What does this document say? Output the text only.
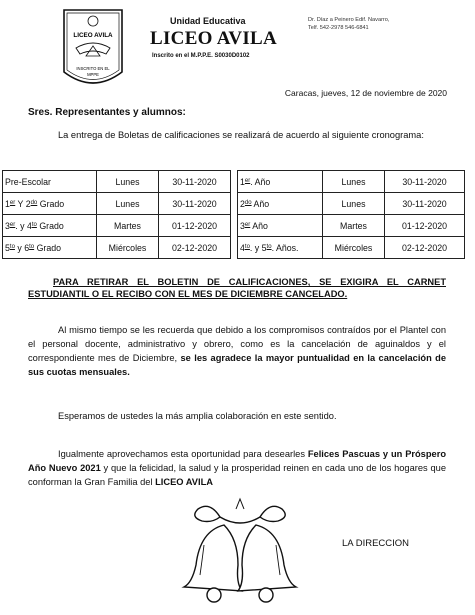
LICEO AVILA
INSCRITO EN EL
MPPE
Unidad Educativa
LICEO AVILA
Inscrito en el M.P.P.E. S0030D0102
Dr. Díaz a Peinero Edif. Navarro,
Telf. 542-2978 546-6841
Caracas, jueves, 12 de noviembre de 2020
Sres. Representantes y alumnos:
La entrega de Boletas de calificaciones se realizará de acuerdo al siguiente cronograma:
Pre-Escolar	Lunes	30-11-2020
1er Y $2^{do}$ Grado	Lunes	30-11-2020
3er. y $4^{to}$ Grado	Martes	01-12-2020
$5^{to}$ y $6^{to}$ Grado	Miércoles	02-12-2020
1er. Año	Lunes	30-11-2020
$2^{do}$ Año	Lunes	30-11-2020
3er Año	Martes	01-12-2020
$4^{to}$. y $5^{to}$. Años.	Miércoles	02-12-2020
PARA RETIRAR EL BOLETIN DE CALIFICACIONES, SE EXIGIRA EL CARNET ESTUDIANTIL O EL RECIBO CON EL MES DE DICIEMBRE CANCELADO.
Al mismo tiempo se les recuerda que debido a los compromisos contraídos por el Plantel con el personal docente, administrativo y obrero, como es la cancelación de aguinaldos y el correspondiente mes de Diciembre, se les agradece la mayor puntualidad en la cancelación de sus cuotas mensuales.
Esperamos de ustedes la más amplia colaboración en este sentido.
Igualmente aprovechamos esta oportunidad para desearles Felices Pascuas y un Próspero Año Nuevo 2021 y que la felicidad, la salud y la prosperidad reinen en cada uno de los hogares que conforman la Gran Familia del LICEO AVILA
LA DIRECCION
